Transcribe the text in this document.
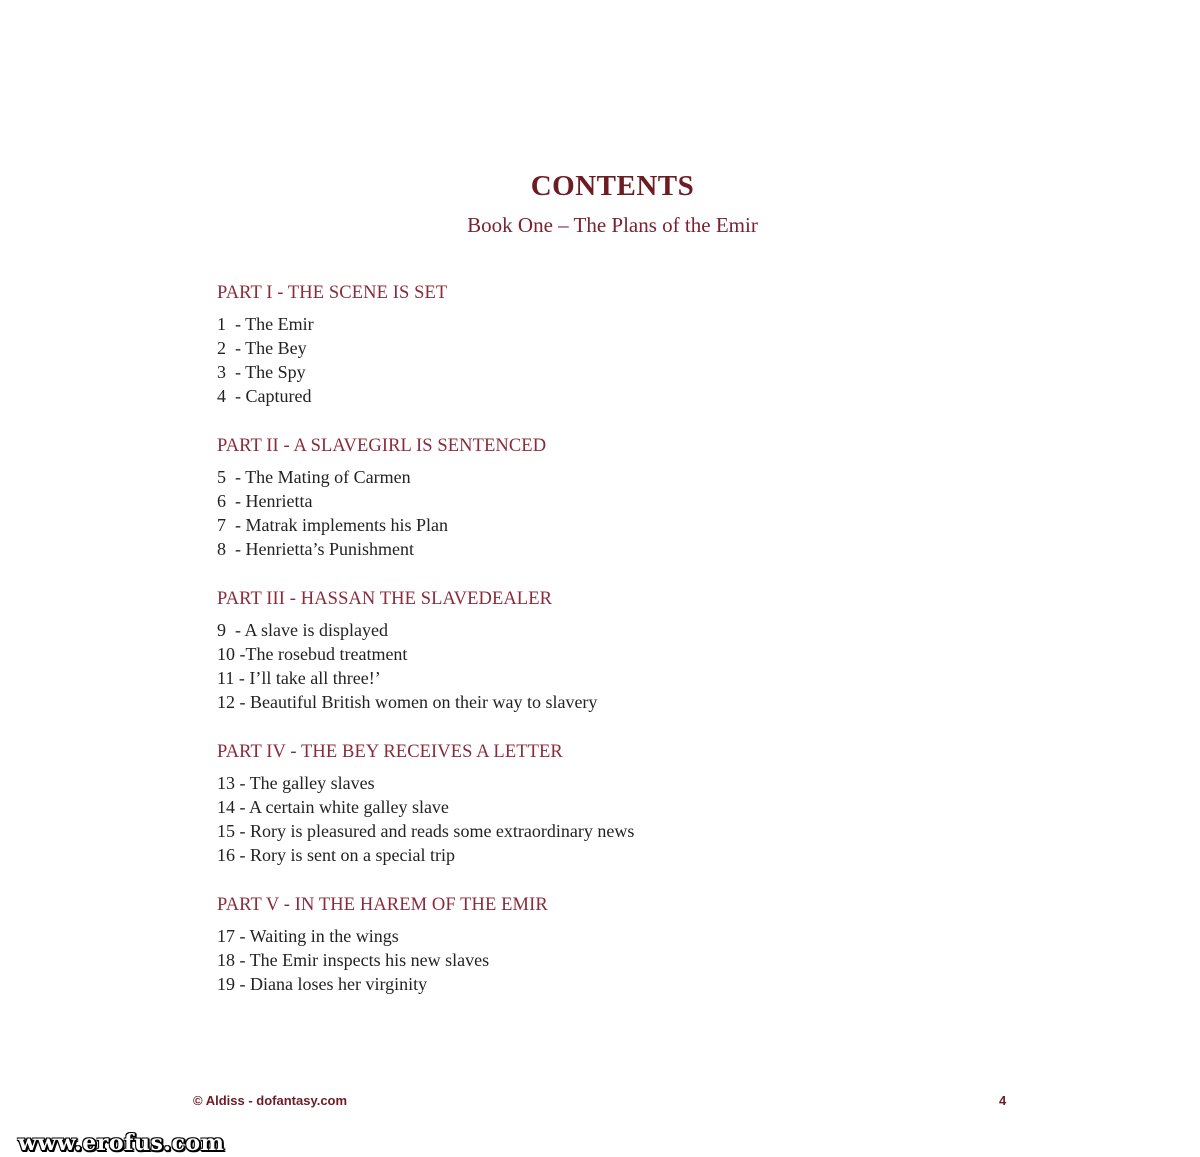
CONTENTS
Book One – The Plans of the Emir
PART I - THE SCENE IS SET
1  - The Emir
2  - The Bey
3  - The Spy
4  - Captured
PART II - A SLAVEGIRL IS SENTENCED
5  - The Mating of Carmen
6  - Henrietta
7  - Matrak implements his Plan
8  - Henrietta’s Punishment
PART III - HASSAN THE SLAVEDEALER
9  - A slave is displayed
10 -The rosebud treatment
11 - I’ll take all three!’
12 - Beautiful British women on their way to slavery
PART IV - THE BEY RECEIVES A LETTER
13 - The galley slaves
14 - A certain white galley slave
15 - Rory is pleasured and reads some extraordinary news
16 - Rory is sent on a special trip
PART V - IN THE HAREM OF THE EMIR
17 - Waiting in the wings
18 - The Emir inspects his new slaves
19 - Diana loses her virginity
© Aldiss - dofantasy.com	4
www.erofus.com
